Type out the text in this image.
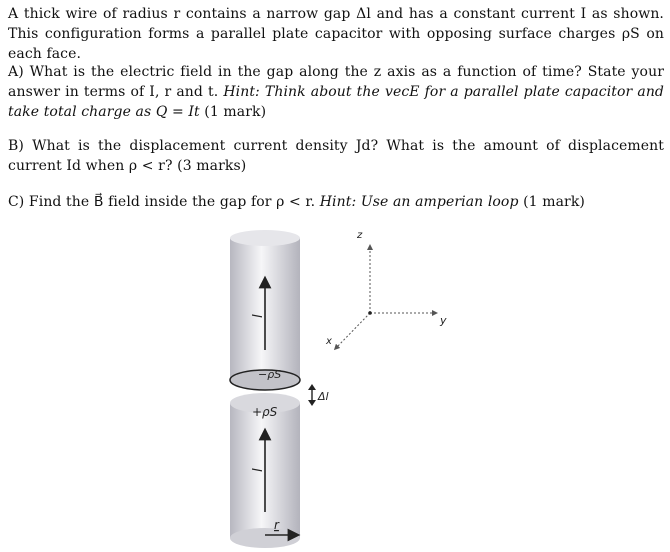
A thick wire of radius r contains a narrow gap Δl and has a constant current I as shown. This configuration forms a parallel plate capacitor with opposing surface charges ρS on each face.
A) What is the electric field in the gap along the z axis as a function of time? State your answer in terms of I, r and t. Hint: Think about the vecE for a parallel plate capacitor and take total charge as Q = It (1 mark)
B) What is the displacement current density Jd? What is the amount of displacement current Id when ρ < r? (3 marks)
C) Find the B⃗ field inside the gap for ρ < r. Hint: Use an amperian loop (1 mark)
−ρS
+ρS
Δl
I
I
r
z
y
x
